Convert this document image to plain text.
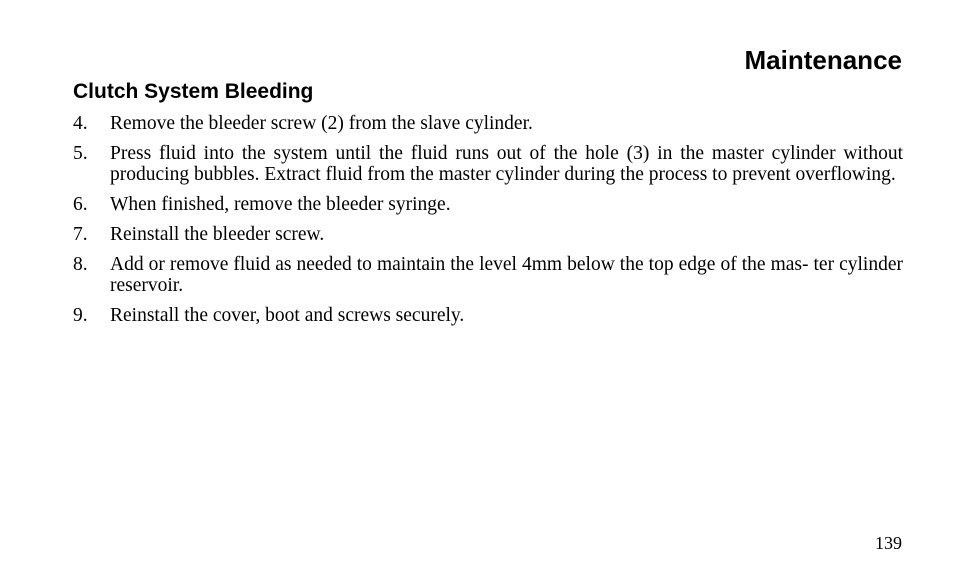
Maintenance
Clutch System Bleeding
4.	Remove the bleeder screw (2) from the slave cylinder.
5.	Press fluid into the system until the fluid runs out of the hole (3) in the master cylinder without producing bubbles. Extract fluid from the master cylinder during the process to prevent overflowing.
6.	When finished, remove the bleeder syringe.
7.	Reinstall the bleeder screw.
8.	Add or remove fluid as needed to maintain the level 4mm below the top edge of the mas- ter cylinder reservoir.
9.	Reinstall the cover, boot and screws securely.

139
